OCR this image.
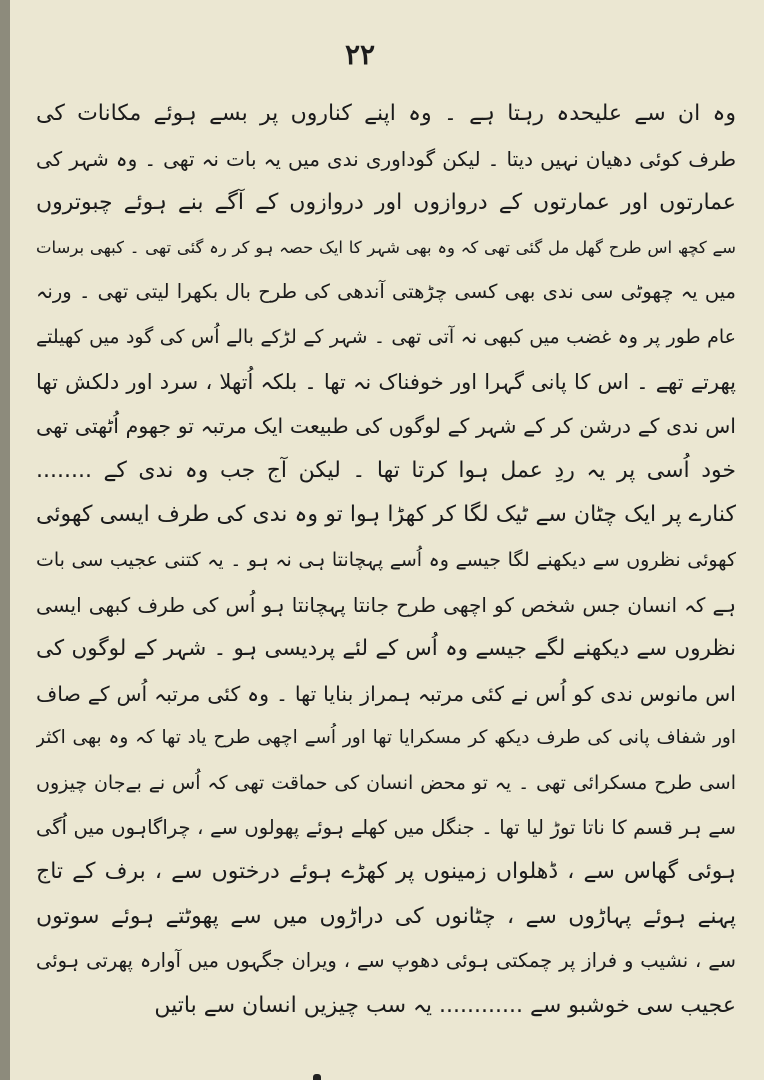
۲۲
وہ ان سے علیحدہ رہتا ہے ۔ وہ اپنے کناروں پر بسے ہوئے مکانات کی
طرف کوئی دھیان نہیں دیتا ۔ لیکن گوداوری ندی میں یہ بات نہ تھی ۔ وہ شہر کی
عمارتوں اور عمارتوں کے دروازوں اور دروازوں کے آگے بنے ہوئے چبوتروں
سے کچھ اس طرح گھل مل گئی تھی کہ وہ بھی شہر کا ایک حصہ ہو کر رہ گئی تھی ۔ کبھی برسات
میں یہ چھوٹی سی ندی بھی کسی چڑھتی آندھی کی طرح بال بکھرا لیتی تھی ۔ ورنہ
عام طور پر وہ غضب میں کبھی نہ آتی تھی ۔ شہر کے لڑکے بالے اُس کی گود میں کھیلتے
پھرتے تھے ۔ اس کا پانی گہرا اور خوفناک نہ تھا ۔ بلکہ اُتھلا ، سرد اور دلکش تھا
اس ندی کے درشن کر کے شہر کے لوگوں کی طبیعت ایک مرتبہ تو جھوم اُٹھتی تھی
خود اُسی پر یہ ردِ عمل ہوا کرتا تھا ۔ لیکن آج جب وہ ندی کے ........
کنارے پر ایک چٹان سے ٹیک لگا کر کھڑا ہوا تو وہ ندی کی طرف ایسی کھوئی
کھوئی نظروں سے دیکھنے لگا جیسے وہ اُسے پہچانتا ہی نہ ہو ۔ یہ کتنی عجیب سی بات
ہے کہ انسان جس شخص کو اچھی طرح جانتا پہچانتا ہو اُس کی طرف کبھی ایسی
نظروں سے دیکھنے لگے جیسے وہ اُس کے لئے پردیسی ہو ۔ شہر کے لوگوں کی
اس مانوس ندی کو اُس نے کئی مرتبہ ہمراز بنایا تھا ۔ وہ کئی مرتبہ اُس کے صاف
اور شفاف پانی کی طرف دیکھ کر مسکرایا تھا اور اُسے اچھی طرح یاد تھا کہ وہ بھی اکثر
اسی طرح مسکرائی تھی ۔ یہ تو محض انسان کی حماقت تھی کہ اُس نے بےجان چیزوں
سے ہر قسم کا ناتا توڑ لیا تھا ۔ جنگل میں کھلے ہوئے پھولوں سے ، چراگاہوں میں اُگی
ہوئی گھاس سے ، ڈھلواں زمینوں پر کھڑے ہوئے درختوں سے ، برف کے تاج
پہنے ہوئے پہاڑوں سے ، چٹانوں کی دراڑوں میں سے پھوٹتے ہوئے سوتوں
سے ، نشیب و فراز پر چمکتی ہوئی دھوپ سے ، ویران جگہوں میں آوارہ پھرتی ہوئی
عجیب سی خوشبو سے ............ یہ سب چیزیں انسان سے باتیں
